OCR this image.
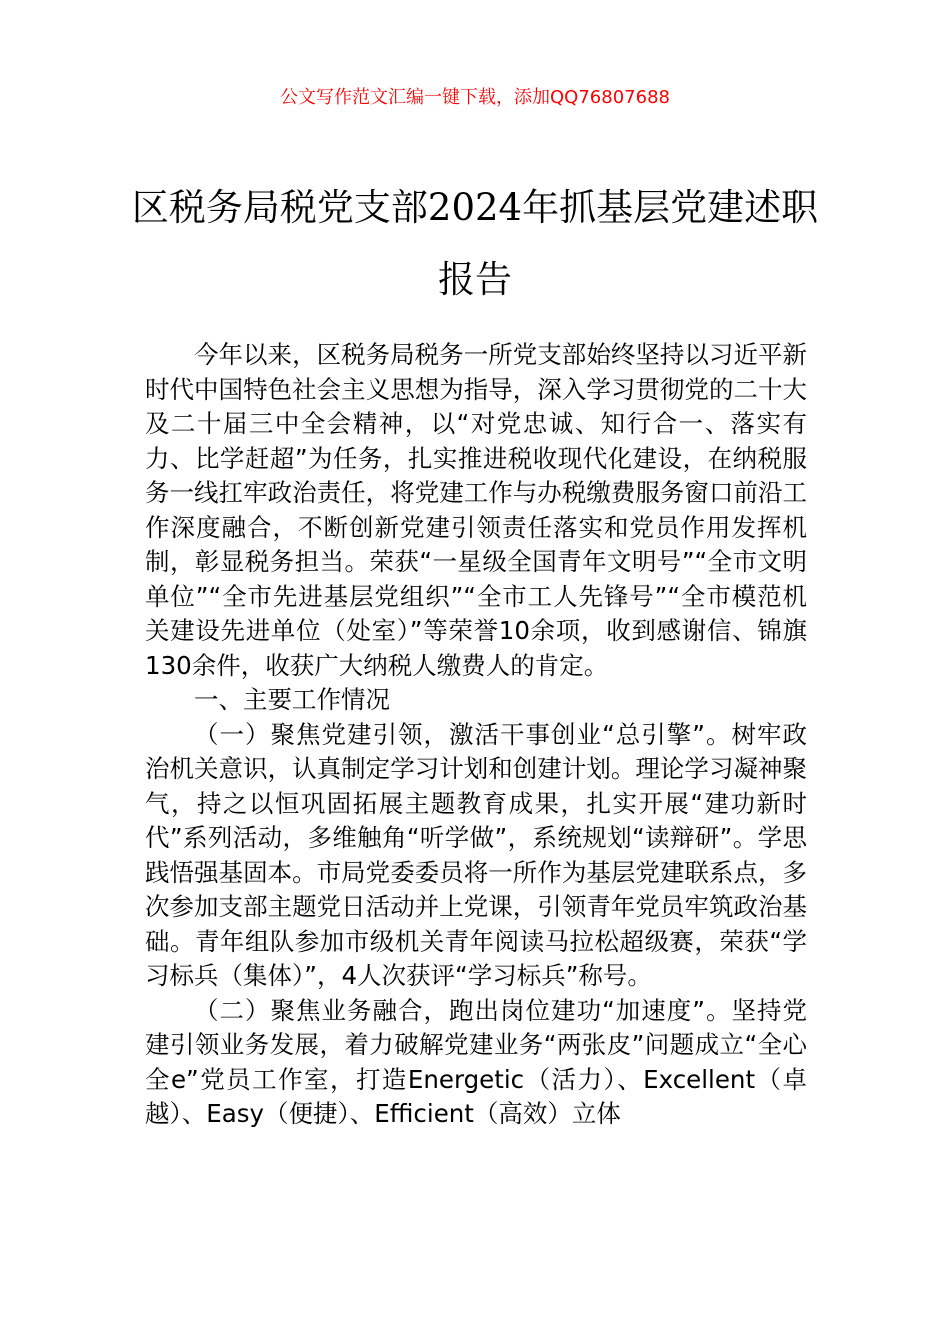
公文写作范文汇编一键下载，添加QQ76807688
区税务局税党支部2024年抓基层党建述职报告

今年以来，区税务局税务一所党支部始终坚持以习近平新时代中国特色社会主义思想为指导，深入学习贯彻党的二十大及二十届三中全会精神，以“对党忠诚、知行合一、落实有力、比学赶超”为任务，扎实推进税收现代化建设，在纳税服务一线扛牢政治责任，将党建工作与办税缴费服务窗口前沿工作深度融合，不断创新党建引领责任落实和党员作用发挥机制，彰显税务担当。荣获“一星级全国青年文明号”“全市文明单位”“全市先进基层党组织”“全市工人先锋号”“全市模范机关建设先进单位（处室）”等荣誉10余项，收到感谢信、锦旗130余件，收获广大纳税人缴费人的肯定。

一、主要工作情况

（一）聚焦党建引领，激活干事创业“总引擎”。树牢政治机关意识，认真制定学习计划和创建计划。理论学习凝神聚气，持之以恒巩固拓展主题教育成果，扎实开展“建功新时代”系列活动，多维触角“听学做”，系统规划“读辩研”。学思践悟强基固本。市局党委委员将一所作为基层党建联系点，多次参加支部主题党日活动并上党课，引领青年党员牢筑政治基础。青年组队参加市级机关青年阅读马拉松超级赛，荣获“学习标兵（集体）”，4人次获评“学习标兵”称号。

（二）聚焦业务融合，跑出岗位建功“加速度”。坚持党建引领业务发展，着力破解党建业务“两张皮”问题成立“全心全e”党员工作室，打造Energetic（活力）、Excellent（卓越）、Easy（便捷）、Efficient（高效）立体
